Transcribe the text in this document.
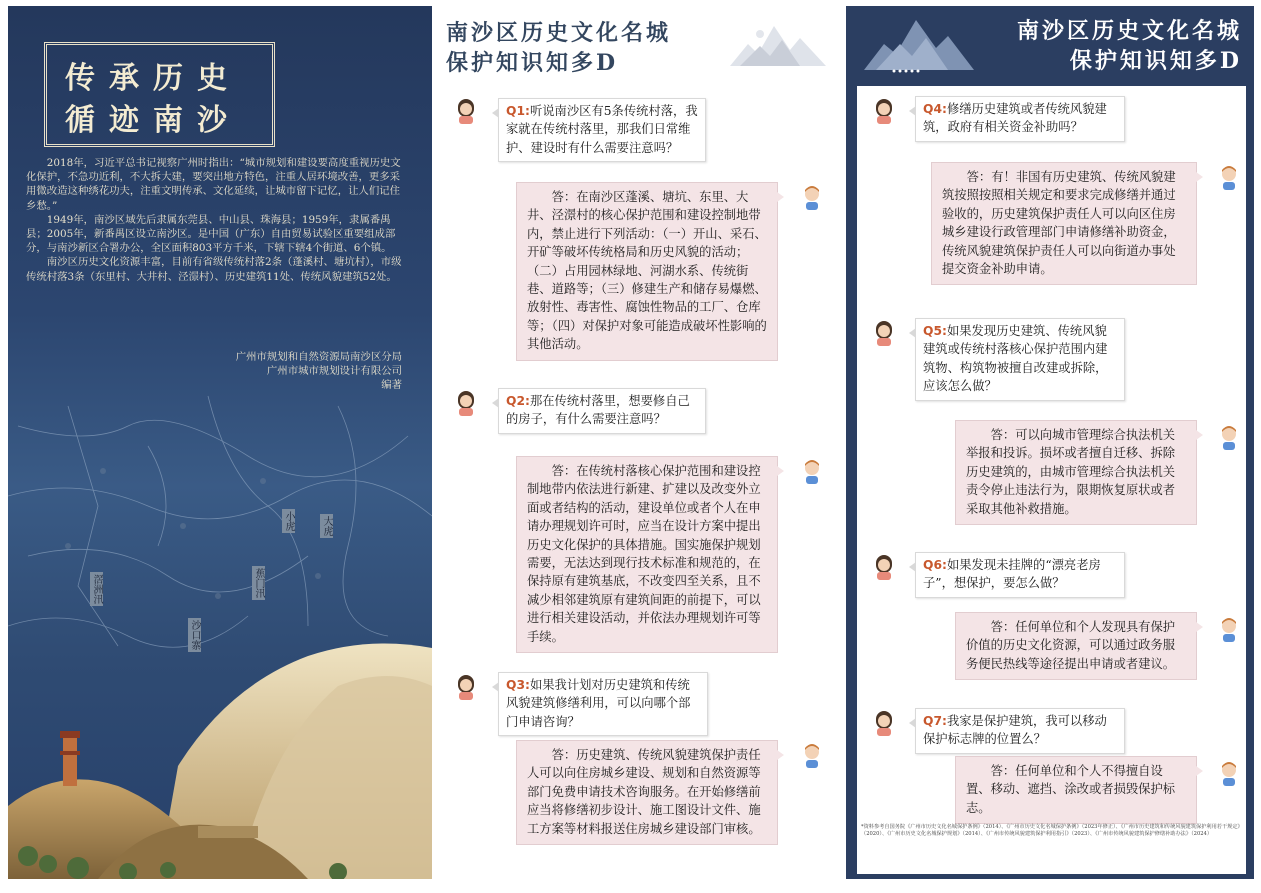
传承历史
循迹南沙

2018年，习近平总书记视察广州时指出：“城市规划和建设要高度重视历史文化保护，不急功近利，不大拆大建，要突出地方特色，注重人居环境改善，更多采用微改造这种绣花功夫，注重文明传承、文化延续，让城市留下记忆，让人们记住乡愁。”

1949年，南沙区域先后隶属东莞县、中山县、珠海县；1959年，隶属番禺县；2005年，新番禺区设立南沙区。是中国（广东）自由贸易试验区重要组成部分，与南沙新区合署办公，全区面积803平方千米，下辖下辖4个街道、6个镇。

南沙区历史文化资源丰富，目前有省级传统村落2条（蓬溪村、塘坑村），市级传统村落3条（东里村、大井村、泾澋村）、历史建筑11处、传统风貌建筑52处。

广州市规划和自然资源局南沙区分局
广州市城市规划设计有限公司
编著
小虎	大虎
蕉门汛
滘洲汛
沙口寨
南沙区历史文化名城
保护知识知多D
Q1:听说南沙区有5条传统村落，我家就在传统村落里，那我们日常维护、建设时有什么需要注意吗？
答：在南沙区蓬溪、塘坑、东里、大井、泾澋村的核心保护范围和建设控制地带内，禁止进行下列活动：（一）开山、采石、开矿等破坏传统格局和历史风貌的活动；（二）占用园林绿地、河湖水系、传统街巷、道路等；（三）修建生产和储存易爆燃、放射性、毒害性、腐蚀性物品的工厂、仓库等；（四）对保护对象可能造成破坏性影响的其他活动。
Q2:那在传统村落里，想要修自己的房子，有什么需要注意吗？
答：在传统村落核心保护范围和建设控制地带内依法进行新建、扩建以及改变外立面或者结构的活动，建设单位或者个人在申请办理规划许可时，应当在设计方案中提出历史文化保护的具体措施。国实施保护规划需要，无法达到现行技术标准和规范的，在保持原有建筑基底，不改变四至关系，且不减少相邻建筑原有建筑间距的前提下，可以进行相关建设活动，并依法办理规划许可等手续。
Q3:如果我计划对历史建筑和传统风貌建筑修缮利用，可以向哪个部门申请咨询？
答：历史建筑、传统风貌建筑保护责任人可以向住房城乡建设、规划和自然资源等部门免费申请技术咨询服务。在开始修缮前应当将修缮初步设计、施工图设计文件、施工方案等材料报送住房城乡建设部门审核。
南沙区历史文化名城
保护知识知多D
Q4:修缮历史建筑或者传统风貌建筑，政府有相关资金补助吗？
答：有！非国有历史建筑、传统风貌建筑按照按照相关规定和要求完成修缮并通过验收的，历史建筑保护责任人可以向区住房城乡建设行政管理部门申请修缮补助资金，传统风貌建筑保护责任人可以向街道办事处提交资金补助申请。
Q5:如果发现历史建筑、传统风貌建筑或传统村落核心保护范围内建筑物、构筑物被擅自改建或拆除，应该怎么做？
答：可以向城市管理综合执法机关举报和投诉。损坏或者擅自迁移、拆除历史建筑的，由城市管理综合执法机关责令停止违法行为，限期恢复原状或者采取其他补救措施。
Q6:如果发现未挂牌的“漂亮老房子”，想保护，要怎么做？
答：任何单位和个人发现具有保护价值的历史文化资源，可以通过政务服务便民热线等途径提出申请或者建议。
Q7:我家是保护建筑，我可以移动保护标志牌的位置么？
答：任何单位和个人不得擅自设置、移动、遮挡、涂改或者损毁保护标志。
*资料参考自国务院《广州市历史文化名城保护条例》（2014）、《广州市历史文化名城保护条例》（2023年修正）、《广州市历史建筑和传统风貌建筑保护利用若干规定》（2020）、《广州市历史文化名城保护规划》（2014）、《广州市传统风貌建筑保护利用指引》（2023）、《广州市传统风貌建筑保护修缮补助办法》（2024）
